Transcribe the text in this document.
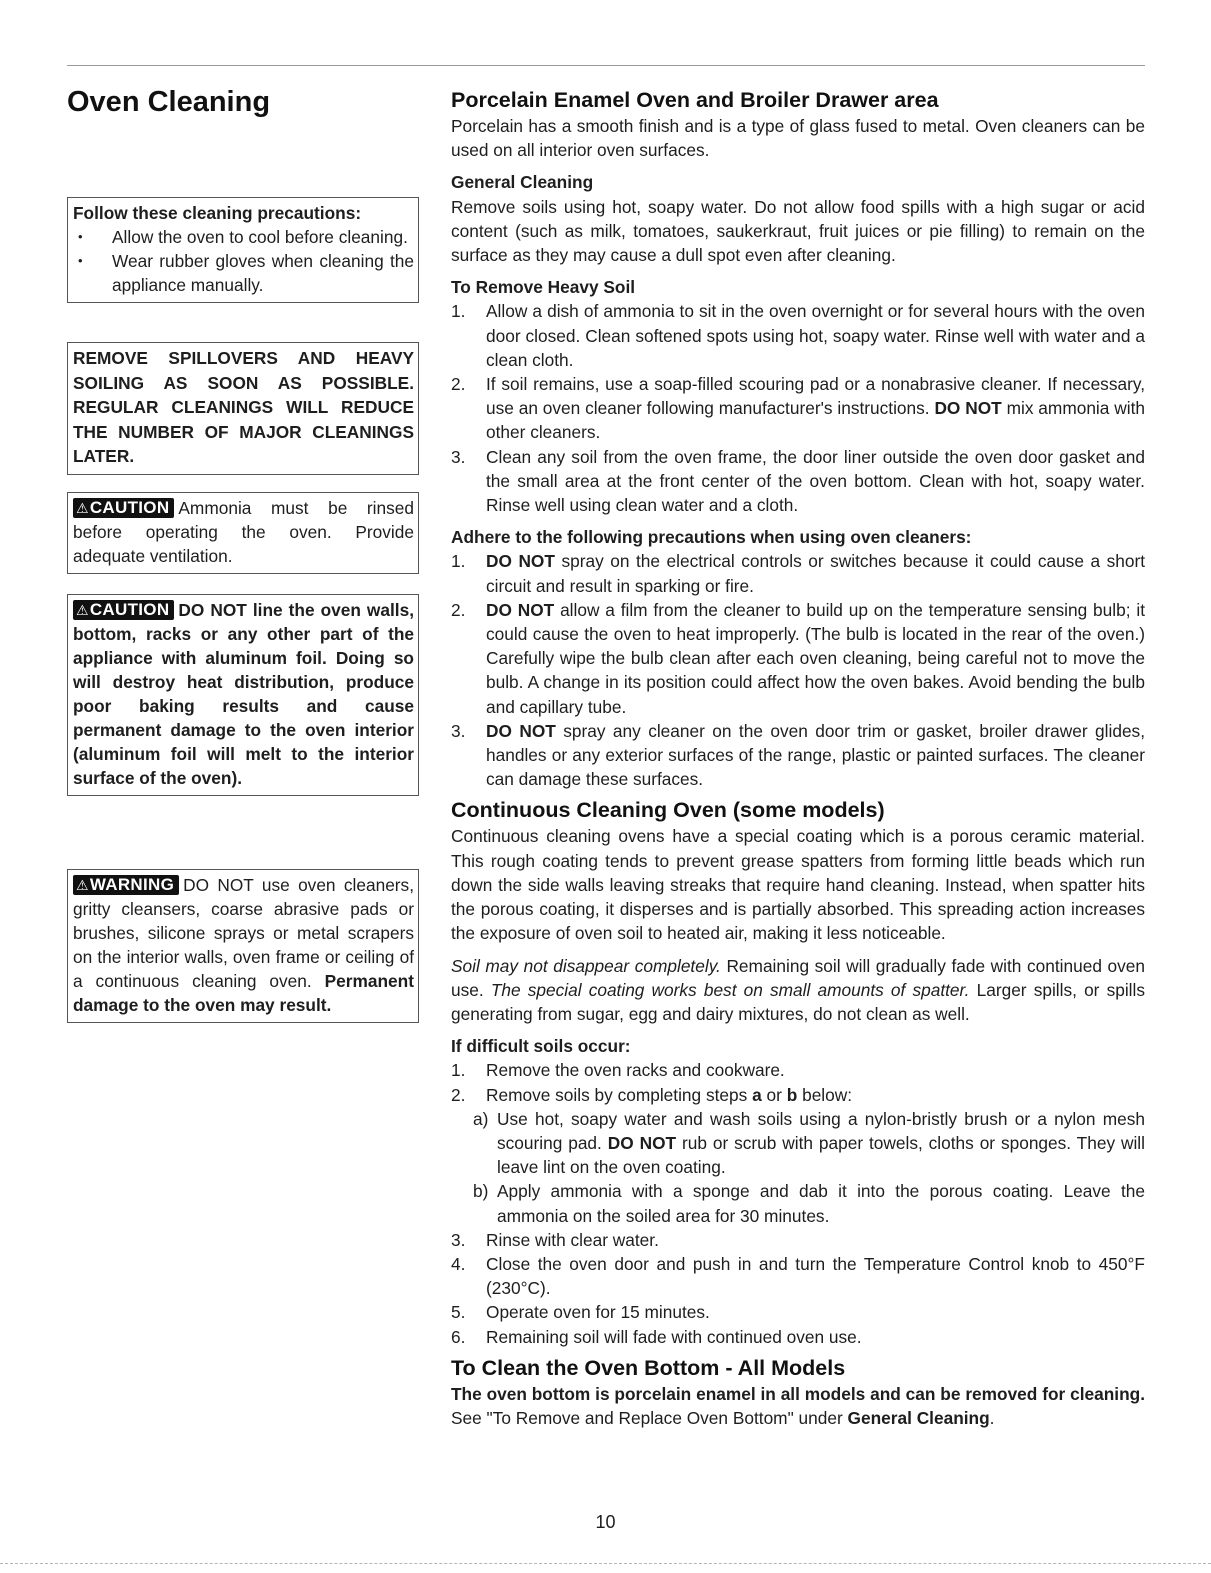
Oven Cleaning
Follow these cleaning precautions:
• Allow the oven to cool before cleaning.
• Wear rubber gloves when cleaning the appliance manually.
REMOVE SPILLOVERS AND HEAVY SOILING AS SOON AS POSSIBLE. REGULAR CLEANINGS WILL REDUCE THE NUMBER OF MAJOR CLEANINGS LATER.
⚠CAUTION Ammonia must be rinsed before operating the oven. Provide adequate ventilation.
⚠CAUTION DO NOT line the oven walls, bottom, racks or any other part of the appliance with aluminum foil. Doing so will destroy heat distribution, produce poor baking results and cause permanent damage to the oven interior (aluminum foil will melt to the interior surface of the oven).
⚠WARNING DO NOT use oven cleaners, gritty cleansers, coarse abrasive pads or brushes, silicone sprays or metal scrapers on the interior walls, oven frame or ceiling of a continuous cleaning oven. Permanent damage to the oven may result.
Porcelain Enamel Oven and Broiler Drawer area

Porcelain has a smooth finish and is a type of glass fused to metal. Oven cleaners can be used on all interior oven surfaces.

General Cleaning

Remove soils using hot, soapy water. Do not allow food spills with a high sugar or acid content (such as milk, tomatoes, saukerkraut, fruit juices or pie filling) to remain on the surface as they may cause a dull spot even after cleaning.

To Remove Heavy Soil
1. Allow a dish of ammonia to sit in the oven overnight or for several hours with the oven door closed. Clean softened spots using hot, soapy water. Rinse well with water and a clean cloth.
2. If soil remains, use a soap-filled scouring pad or a nonabrasive cleaner. If necessary, use an oven cleaner following manufacturer's instructions. DO NOT mix ammonia with other cleaners.
3. Clean any soil from the oven frame, the door liner outside the oven door gasket and the small area at the front center of the oven bottom. Clean with hot, soapy water. Rinse well using clean water and a cloth.
Adhere to the following precautions when using oven cleaners:
1. DO NOT spray on the electrical controls or switches because it could cause a short circuit and result in sparking or fire.
2. DO NOT allow a film from the cleaner to build up on the temperature sensing bulb; it could cause the oven to heat improperly. (The bulb is located in the rear of the oven.) Carefully wipe the bulb clean after each oven cleaning, being careful not to move the bulb. A change in its position could affect how the oven bakes. Avoid bending the bulb and capillary tube.
3. DO NOT spray any cleaner on the oven door trim or gasket, broiler drawer glides, handles or any exterior surfaces of the range, plastic or painted surfaces. The cleaner can damage these surfaces.
Continuous Cleaning Oven (some models)

Continuous cleaning ovens have a special coating which is a porous ceramic material. This rough coating tends to prevent grease spatters from forming little beads which run down the side walls leaving streaks that require hand cleaning. Instead, when spatter hits the porous coating, it disperses and is partially absorbed. This spreading action increases the exposure of oven soil to heated air, making it less noticeable.

Soil may not disappear completely. Remaining soil will gradually fade with continued oven use. The special coating works best on small amounts of spatter. Larger spills, or spills generating from sugar, egg and dairy mixtures, do not clean as well.

If difficult soils occur:
1. Remove the oven racks and cookware.
2. Remove soils by completing steps a or b below:
a) Use hot, soapy water and wash soils using a nylon-bristly brush or a nylon mesh scouring pad. DO NOT rub or scrub with paper towels, cloths or sponges. They will leave lint on the oven coating.
b) Apply ammonia with a sponge and dab it into the porous coating. Leave the ammonia on the soiled area for 30 minutes.
3. Rinse with clear water.
4. Close the oven door and push in and turn the Temperature Control knob to 450°F (230°C).
5. Operate oven for 15 minutes.
6. Remaining soil will fade with continued oven use.
To Clean the Oven Bottom - All Models

The oven bottom is porcelain enamel in all models and can be removed for cleaning. See "To Remove and Replace Oven Bottom" under General Cleaning.

10
